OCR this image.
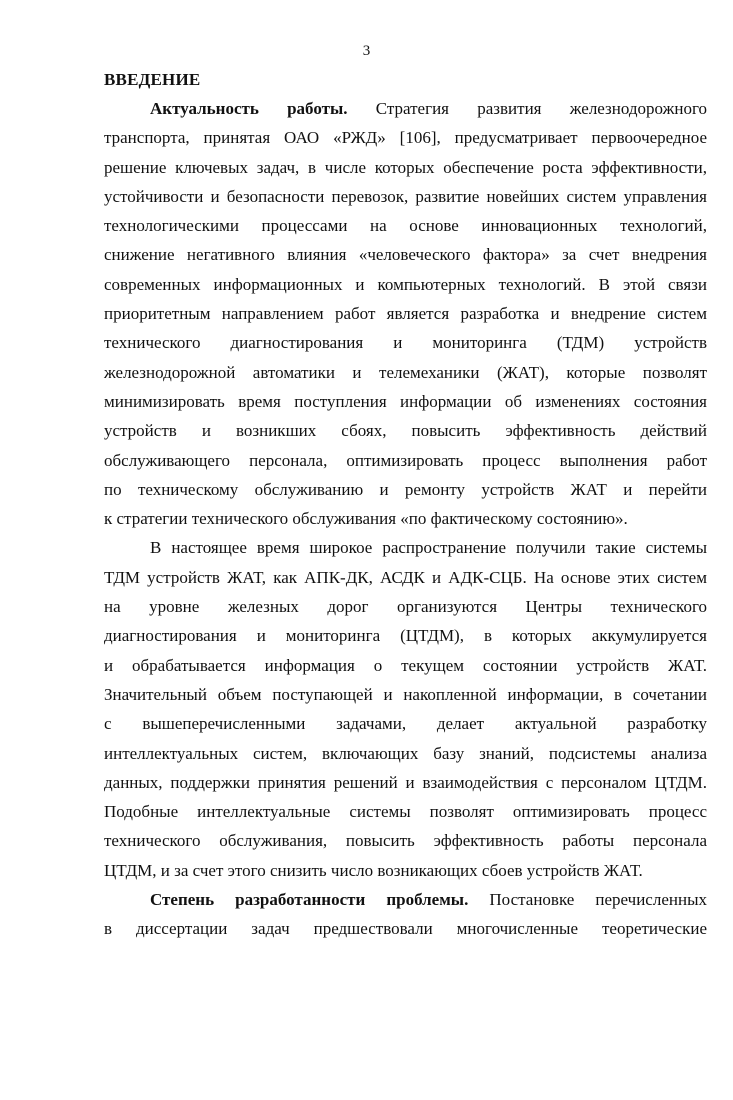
3
ВВЕДЕНИЕ
Актуальность работы. Стратегия развития железнодорожного
транспорта, принятая ОАО «РЖД» [106], предусматривает первоочередное
решение ключевых задач, в числе которых обеспечение роста эффективности,
устойчивости и безопасности перевозок, развитие новейших систем управления
технологическими процессами на основе инновационных технологий,
снижение негативного влияния «человеческого фактора» за счет внедрения
современных информационных и компьютерных технологий. В этой связи
приоритетным направлением работ является разработка и внедрение систем
технического диагностирования и мониторинга (ТДМ) устройств
железнодорожной автоматики и телемеханики (ЖАТ), которые позволят
минимизировать время поступления информации об изменениях состояния
устройств и возникших сбоях, повысить эффективность действий
обслуживающего персонала, оптимизировать процесс выполнения работ
по техническому обслуживанию и ремонту устройств ЖАТ и перейти
к стратегии технического обслуживания «по фактическому состоянию».
В настоящее время широкое распространение получили такие системы
ТДМ устройств ЖАТ, как АПК-ДК, АСДК и АДК-СЦБ. На основе этих систем
на уровне железных дорог организуются Центры технического
диагностирования и мониторинга (ЦТДМ), в которых аккумулируется
и обрабатывается информация о текущем состоянии устройств ЖАТ.
Значительный объем поступающей и накопленной информации, в сочетании
с вышеперечисленными задачами, делает актуальной разработку
интеллектуальных систем, включающих базу знаний, подсистемы анализа
данных, поддержки принятия решений и взаимодействия с персоналом ЦТДМ.
Подобные интеллектуальные системы позволят оптимизировать процесс
технического обслуживания, повысить эффективность работы персонала
ЦТДМ, и за счет этого снизить число возникающих сбоев устройств ЖАТ.
Степень разработанности проблемы. Постановке перечисленных
в диссертации задач предшествовали многочисленные теоретические
